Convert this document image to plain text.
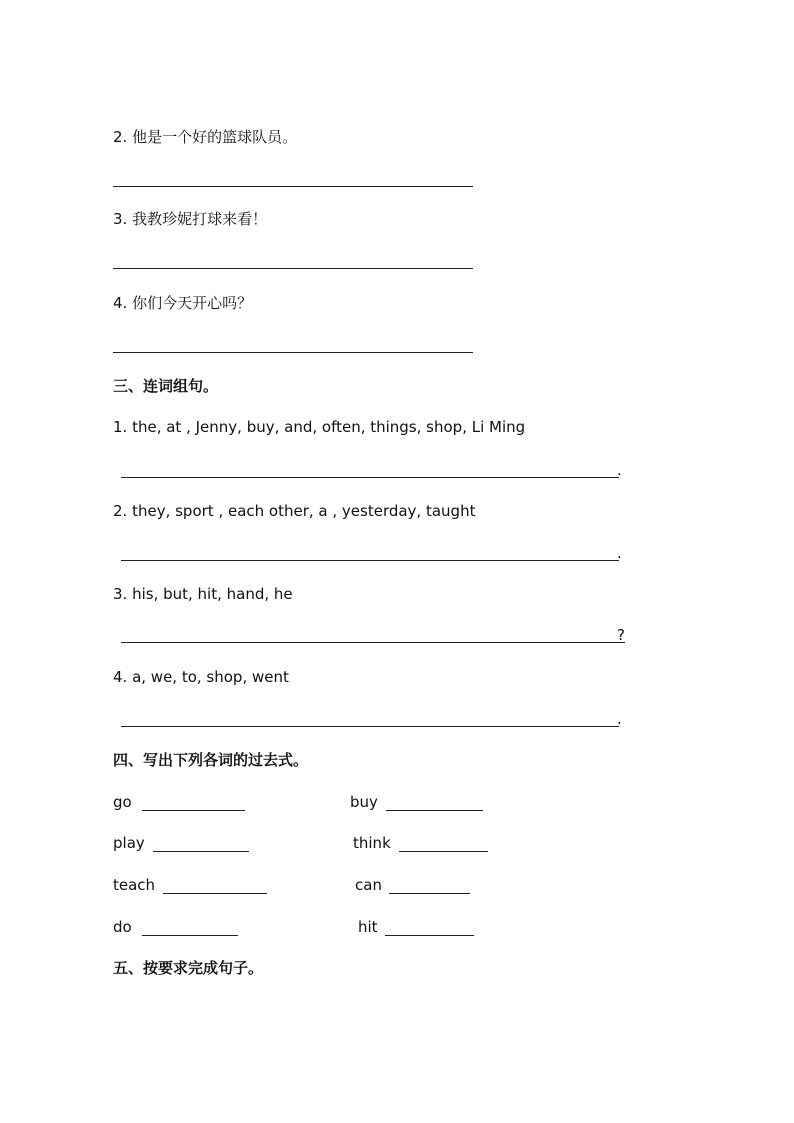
2. 他是一个好的篮球队员。
3. 我教珍妮打球来看！
4. 你们今天开心吗？
三、连词组句。
1. the, at , Jenny, buy, and, often, things, shop, Li Ming
.
2. they, sport , each other, a , yesterday, taught
.
3. his, but, hit, hand, he
?
4. a, we, to, shop, went
.
四、写出下列各词的过去式。
go	buy
play	think
teach	can
do	hit
五、按要求完成句子。
